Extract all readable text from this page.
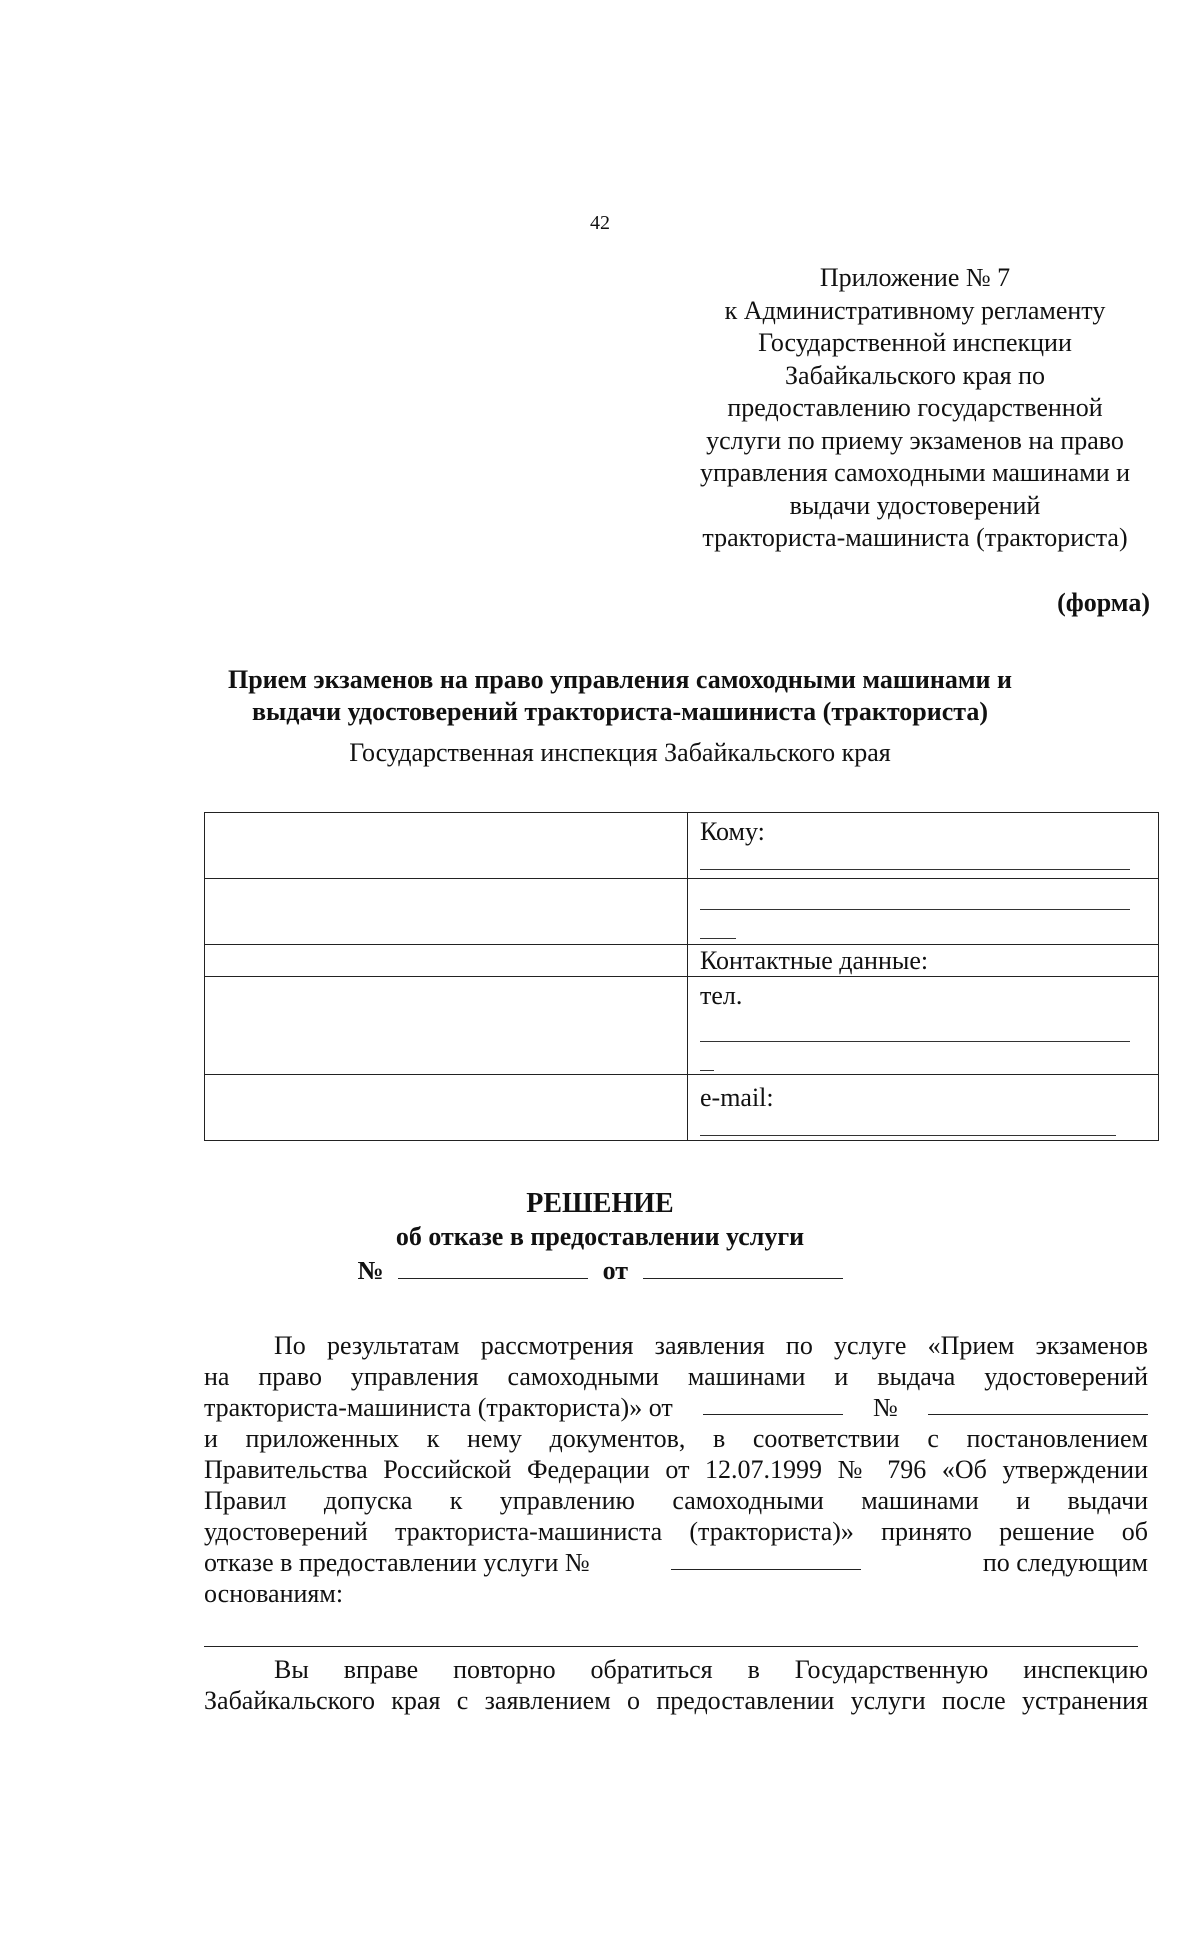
42
Приложение № 7
к Административному регламенту
Государственной инспекции
Забайкальского края по
предоставлению государственной
услуги по приему экзаменов на право
управления самоходными машинами и
выдачи удостоверений
тракториста-машиниста (тракториста)
(форма)
Прием экзаменов на право управления самоходными машинами и
выдачи удостоверений тракториста-машиниста (тракториста)
Государственная инспекция Забайкальского края

	Кому:

	Контактные данные:

	тел.

	e-mail:
РЕШЕНИЕ
об отказе в предоставлении услуги
№	от
По результатам рассмотрения заявления по услуге «Прием экзаменов
на право управления самоходными машинами и выдача удостоверений
тракториста-машиниста (тракториста)» от	№
и приложенных к нему документов, в соответствии с постановлением
Правительства Российской Федерации от 12.07.1999 № 796 «Об утверждении
Правил допуска к управлению самоходными машинами и выдачи
удостоверений тракториста-машиниста (тракториста)» принято решение об
отказе в предоставлении услуги №	по следующим
основаниям:
Вы вправе повторно обратиться в Государственную инспекцию
Забайкальского края с заявлением о предоставлении услуги после устранения
